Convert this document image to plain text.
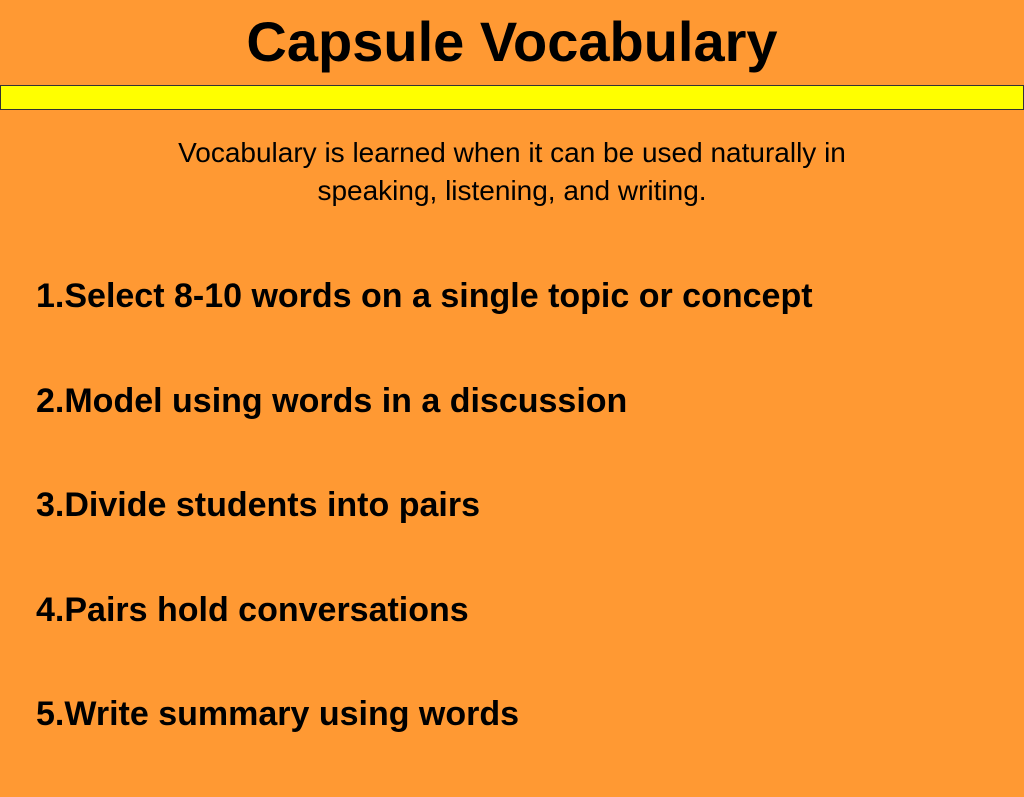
Capsule Vocabulary
Vocabulary is learned when it can be used naturally in
speaking, listening, and writing.
1.Select 8-10 words on a single topic or concept
2.Model using words in a discussion
3.Divide students into pairs
4.Pairs hold conversations
5.Write summary using words
